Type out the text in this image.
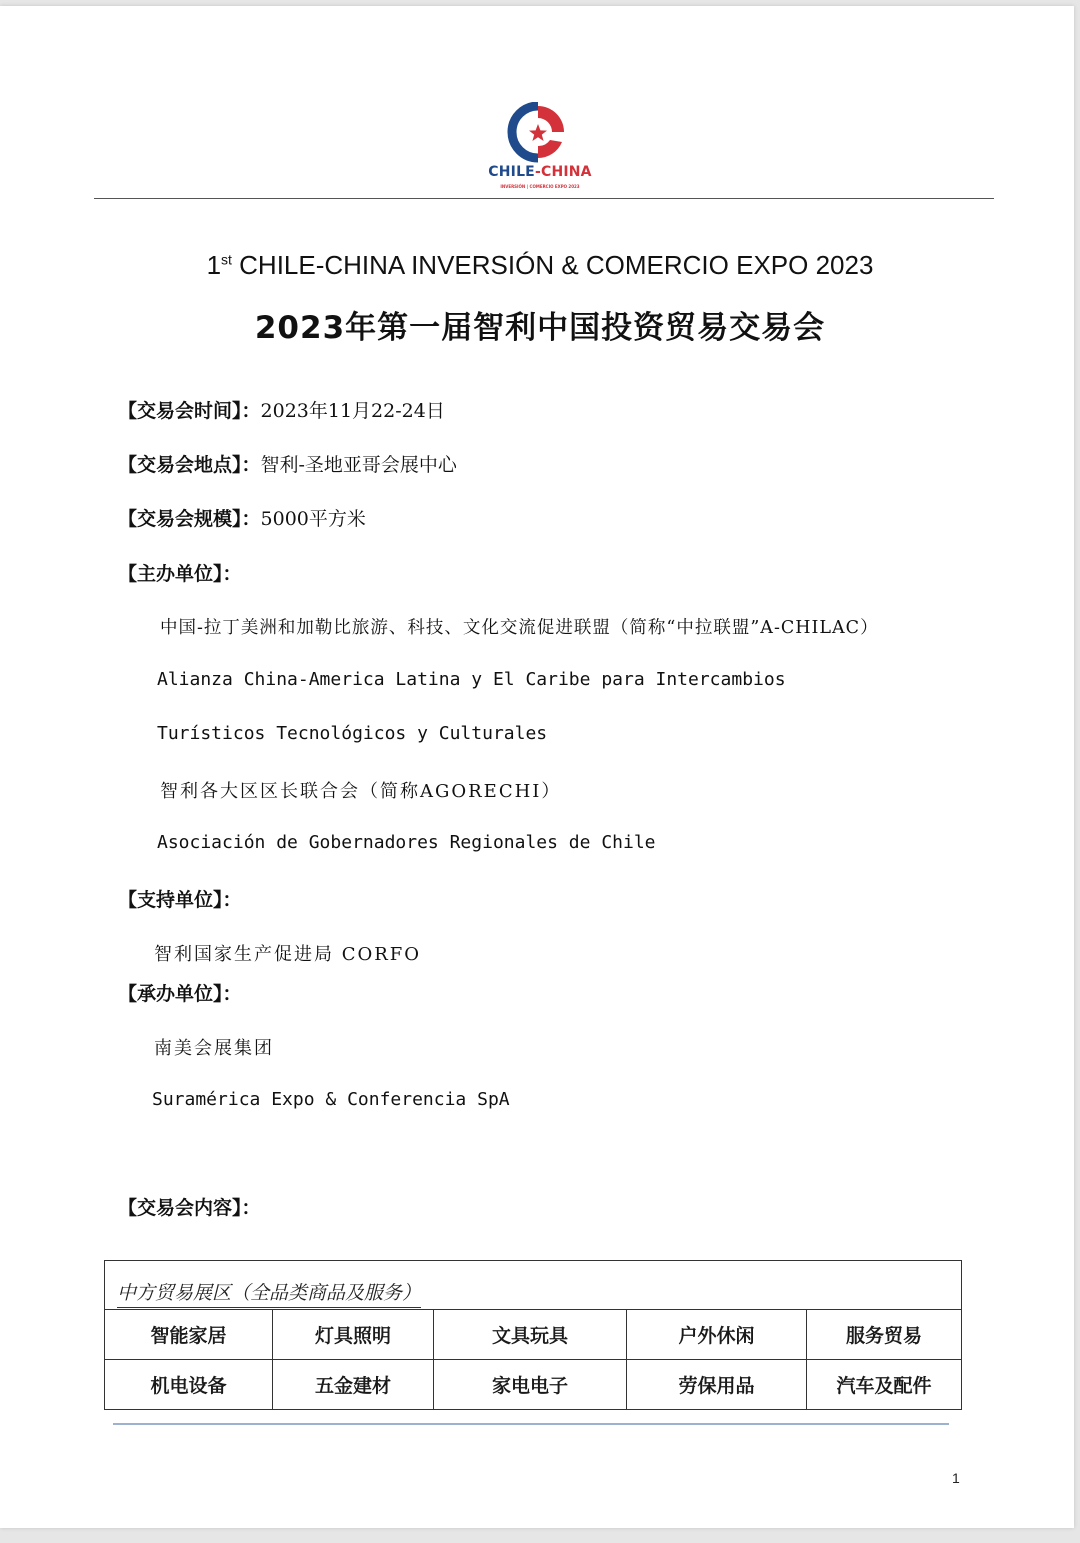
CHILE-CHINA
INVERSIÓN | COMERCIO EXPO 2023
1st CHILE-CHINA INVERSIÓN & COMERCIO EXPO 2023
2023年第一届智利中国投资贸易交易会
【交易会时间】：2023年11月22-24日
【交易会地点】：智利-圣地亚哥会展中心
【交易会规模】：5000平方米
【主办单位】：
中国-拉丁美洲和加勒比旅游、科技、文化交流促进联盟（简称“中拉联盟”A-CHILAC）
Alianza China-America Latina y El Caribe para Intercambios
Turísticos Tecnológicos y Culturales
智利各大区区长联合会（简称AGORECHI）
Asociación de Gobernadores Regionales de Chile
【支持单位】：
智利国家生产促进局 CORFO
【承办单位】：
南美会展集团
Suramérica Expo & Conferencia SpA
【交易会内容】：
中方贸易展区（全品类商品及服务）				
智能家居	灯具照明	文具玩具	户外休闲	服务贸易
机电设备	五金建材	家电电子	劳保用品	汽车及配件
1
